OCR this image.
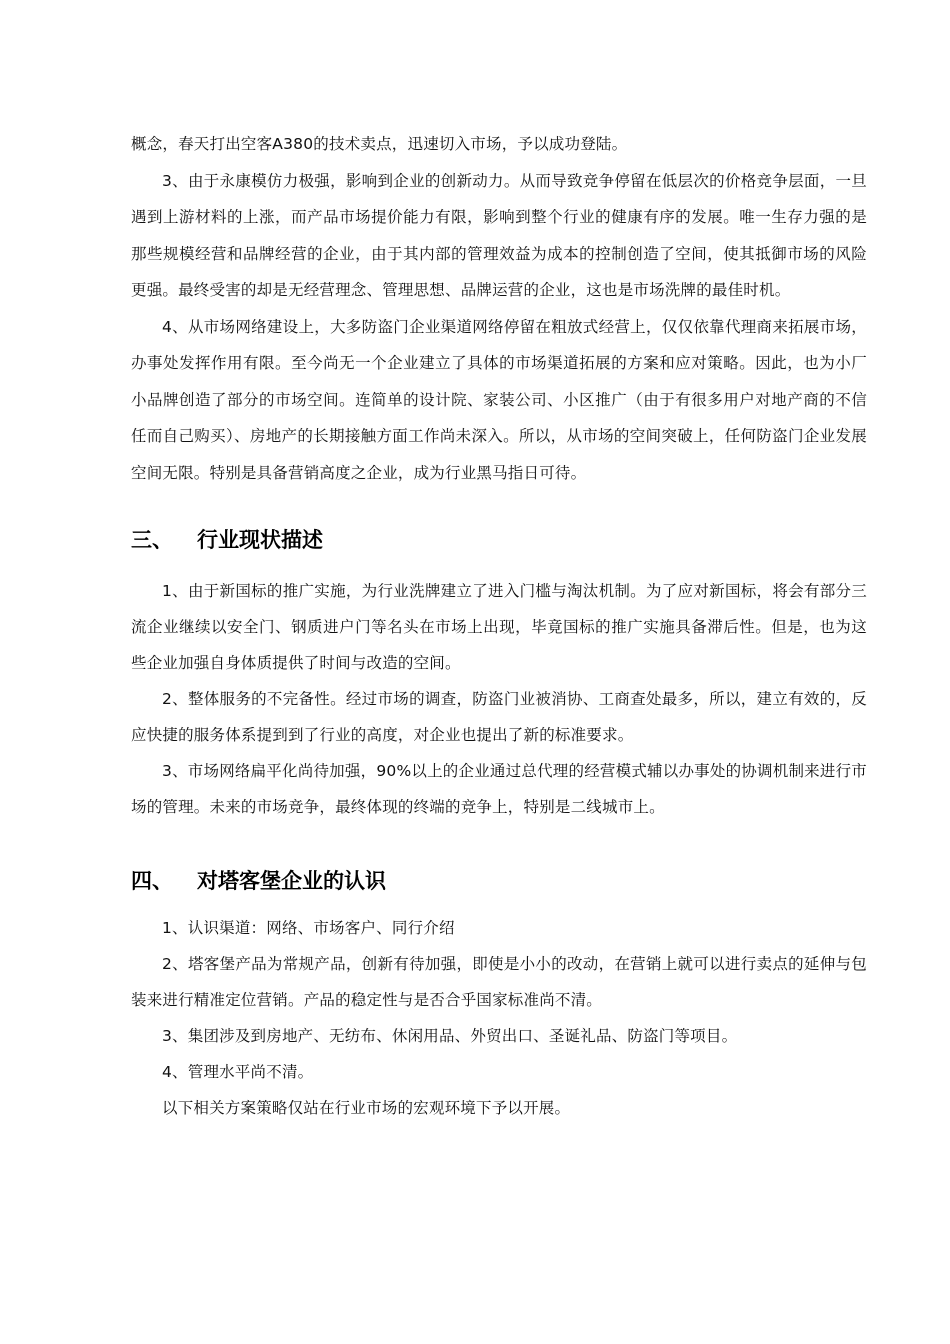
概念，春天打出空客A380的技术卖点，迅速切入市场，予以成功登陆。

3、由于永康模仿力极强，影响到企业的创新动力。从而导致竞争停留在低层次的价格竞争层面，一旦遇到上游材料的上涨，而产品市场提价能力有限，影响到整个行业的健康有序的发展。唯一生存力强的是那些规模经营和品牌经营的企业，由于其内部的管理效益为成本的控制创造了空间，使其抵御市场的风险更强。最终受害的却是无经营理念、管理思想、品牌运营的企业，这也是市场洗牌的最佳时机。

4、从市场网络建设上，大多防盗门企业渠道网络停留在粗放式经营上，仅仅依靠代理商来拓展市场，办事处发挥作用有限。至今尚无一个企业建立了具体的市场渠道拓展的方案和应对策略。因此，也为小厂小品牌创造了部分的市场空间。连简单的设计院、家装公司、小区推广（由于有很多用户对地产商的不信任而自己购买）、房地产的长期接触方面工作尚未深入。所以，从市场的空间突破上，任何防盗门企业发展空间无限。特别是具备营销高度之企业，成为行业黑马指日可待。

三、	行业现状描述

1、由于新国标的推广实施，为行业洗牌建立了进入门槛与淘汰机制。为了应对新国标，将会有部分三流企业继续以安全门、钢质进户门等名头在市场上出现，毕竟国标的推广实施具备滞后性。但是，也为这些企业加强自身体质提供了时间与改造的空间。

2、整体服务的不完备性。经过市场的调查，防盗门业被消协、工商查处最多，所以，建立有效的，反应快捷的服务体系提到到了行业的高度，对企业也提出了新的标准要求。

3、市场网络扁平化尚待加强，90%以上的企业通过总代理的经营模式辅以办事处的协调机制来进行市场的管理。未来的市场竞争，最终体现的终端的竞争上，特别是二线城市上。

四、	对塔客堡企业的认识

1、认识渠道：网络、市场客户、同行介绍

2、塔客堡产品为常规产品，创新有待加强，即使是小小的改动，在营销上就可以进行卖点的延伸与包装来进行精准定位营销。产品的稳定性与是否合乎国家标准尚不清。

3、集团涉及到房地产、无纺布、休闲用品、外贸出口、圣诞礼品、防盗门等项目。

4、管理水平尚不清。

以下相关方案策略仅站在行业市场的宏观环境下予以开展。
